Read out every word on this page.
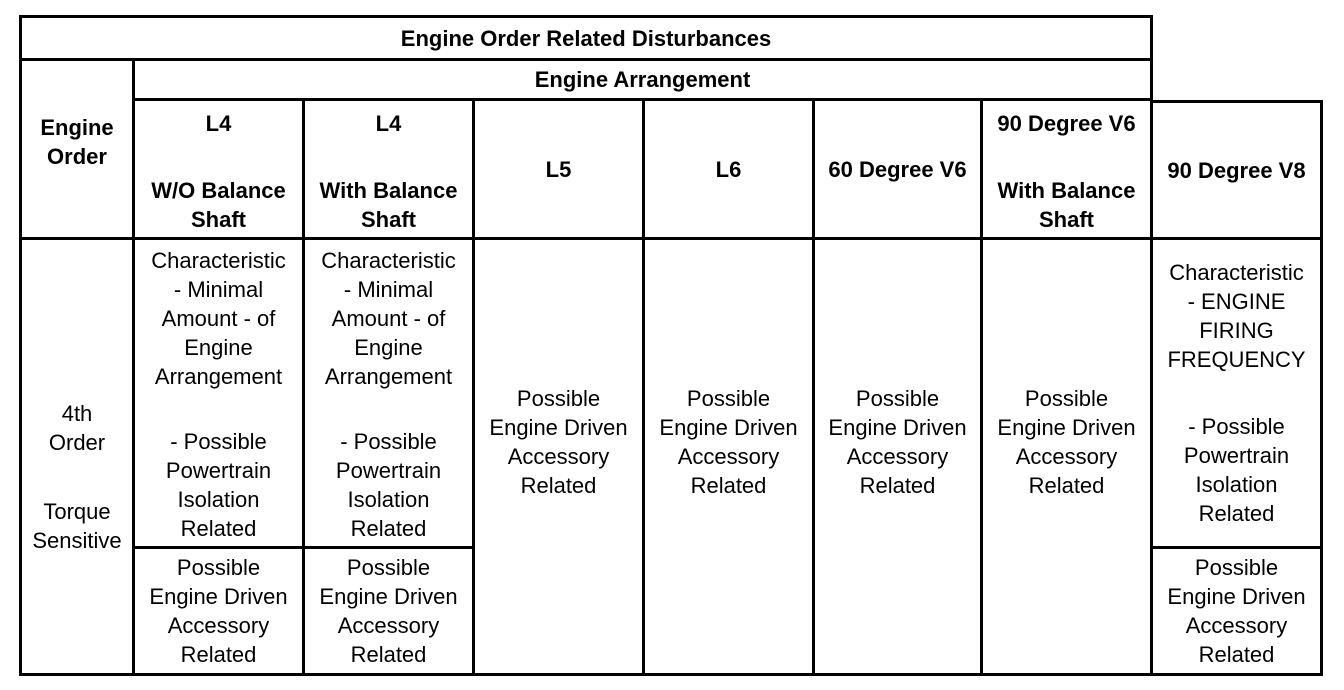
Engine Order Related Disturbances
Engine
Order
Engine Arrangement
L4
W/O Balance
Shaft
L4
With Balance
Shaft
L5	L6	60 Degree V6
90 Degree V6
With Balance
Shaft
90 Degree V8
4th
Order
Torque
Sensitive
Characteristic
- Minimal
Amount - of
Engine
Arrangement
- Possible
Powertrain
Isolation
Related
Characteristic
- Minimal
Amount - of
Engine
Arrangement
- Possible
Powertrain
Isolation
Related
Possible
Engine Driven
Accessory
Related
Possible
Engine Driven
Accessory
Related
Possible
Engine Driven
Accessory
Related
Possible
Engine Driven
Accessory
Related
Possible
Engine Driven
Accessory
Related
Possible
Engine Driven
Accessory
Related
Characteristic
- ENGINE
FIRING
FREQUENCY
- Possible
Powertrain
Isolation
Related
Possible
Engine Driven
Accessory
Related
